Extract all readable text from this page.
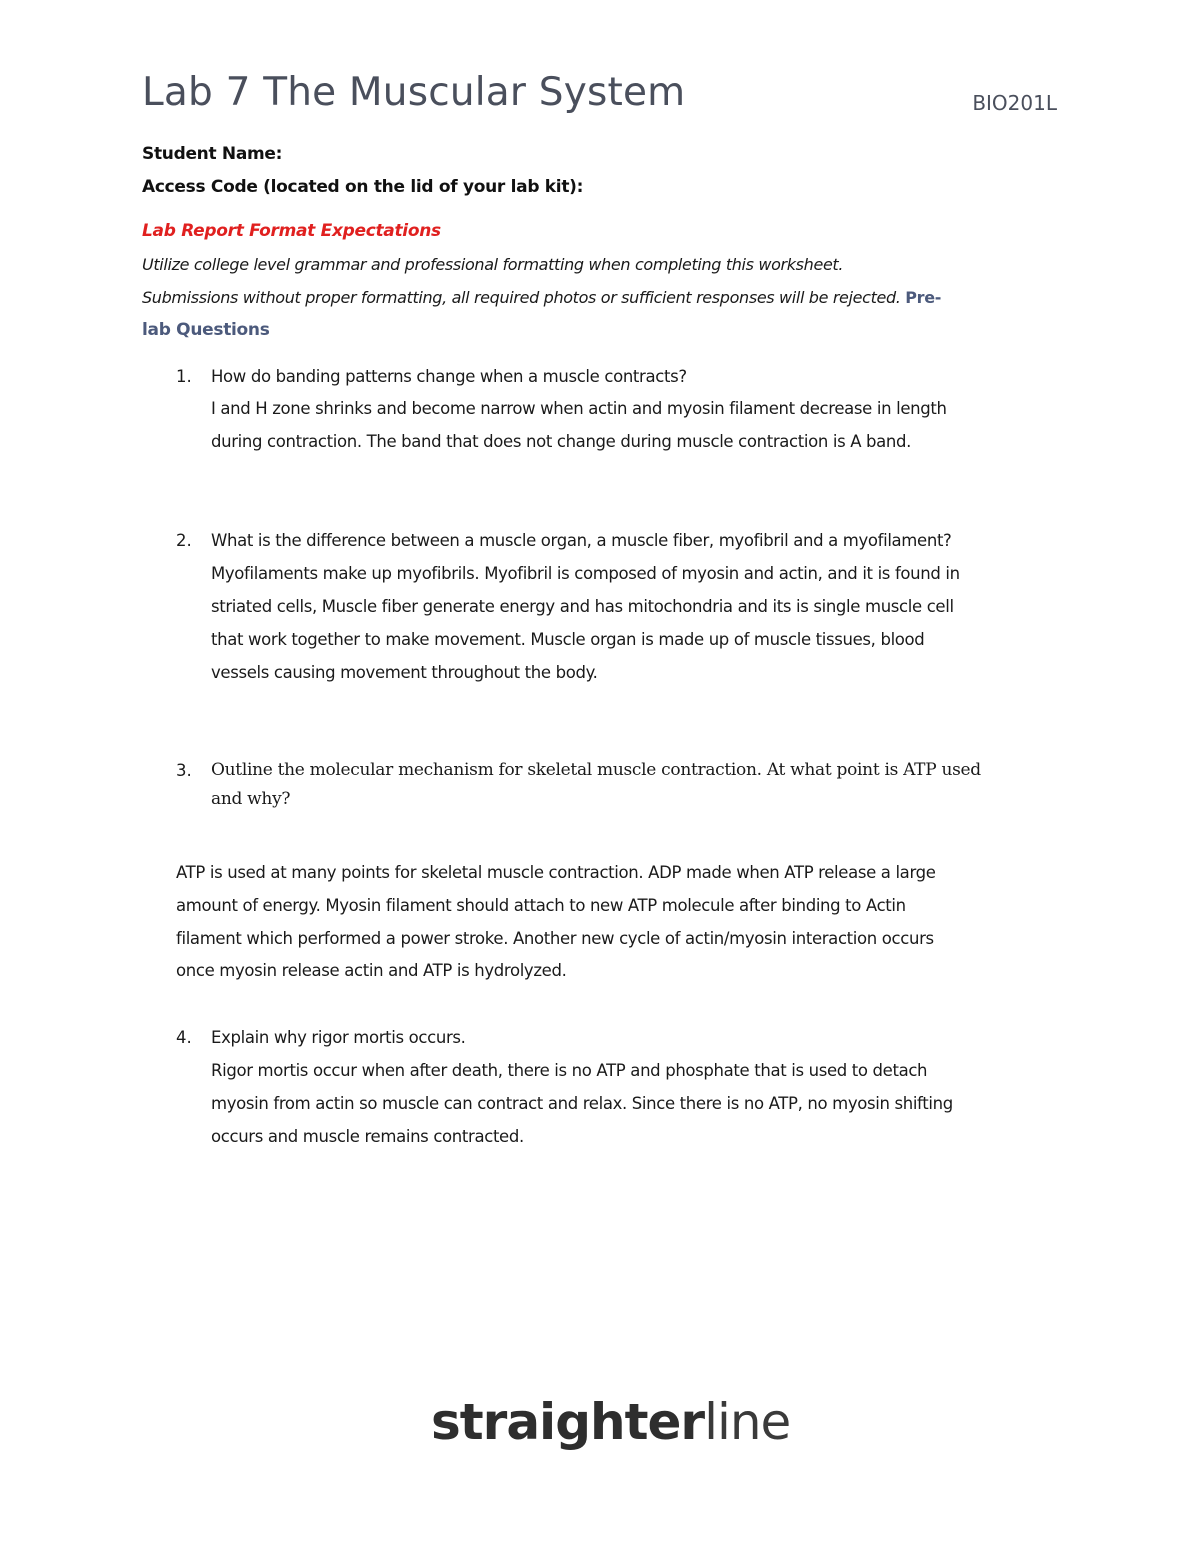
Lab 7 The Muscular System	BIO201L
Student Name:
Access Code (located on the lid of your lab kit):
Lab Report Format Expectations
Utilize college level grammar and professional formatting when completing this worksheet.
Submissions without proper formatting, all required photos or sufficient responses will be rejected. Pre-
lab Questions
1. How do banding patterns change when a muscle contracts?
I and H zone shrinks and become narrow when actin and myosin filament decrease in length
during contraction. The band that does not change during muscle contraction is A band.
2. What is the difference between a muscle organ, a muscle fiber, myofibril and a myofilament?
Myofilaments make up myofibrils. Myofibril is composed of myosin and actin, and it is found in
striated cells, Muscle fiber generate energy and has mitochondria and its is single muscle cell
that work together to make movement. Muscle organ is made up of muscle tissues, blood
vessels causing movement throughout the body.
3. Outline the molecular mechanism for skeletal muscle contraction. At what point is ATP used
and why?
ATP is used at many points for skeletal muscle contraction. ADP made when ATP release a large
amount of energy. Myosin filament should attach to new ATP molecule after binding to Actin
filament which performed a power stroke. Another new cycle of actin/myosin interaction occurs
once myosin release actin and ATP is hydrolyzed.
4. Explain why rigor mortis occurs.
Rigor mortis occur when after death, there is no ATP and phosphate that is used to detach
myosin from actin so muscle can contract and relax. Since there is no ATP, no myosin shifting
occurs and muscle remains contracted.
straighterline
